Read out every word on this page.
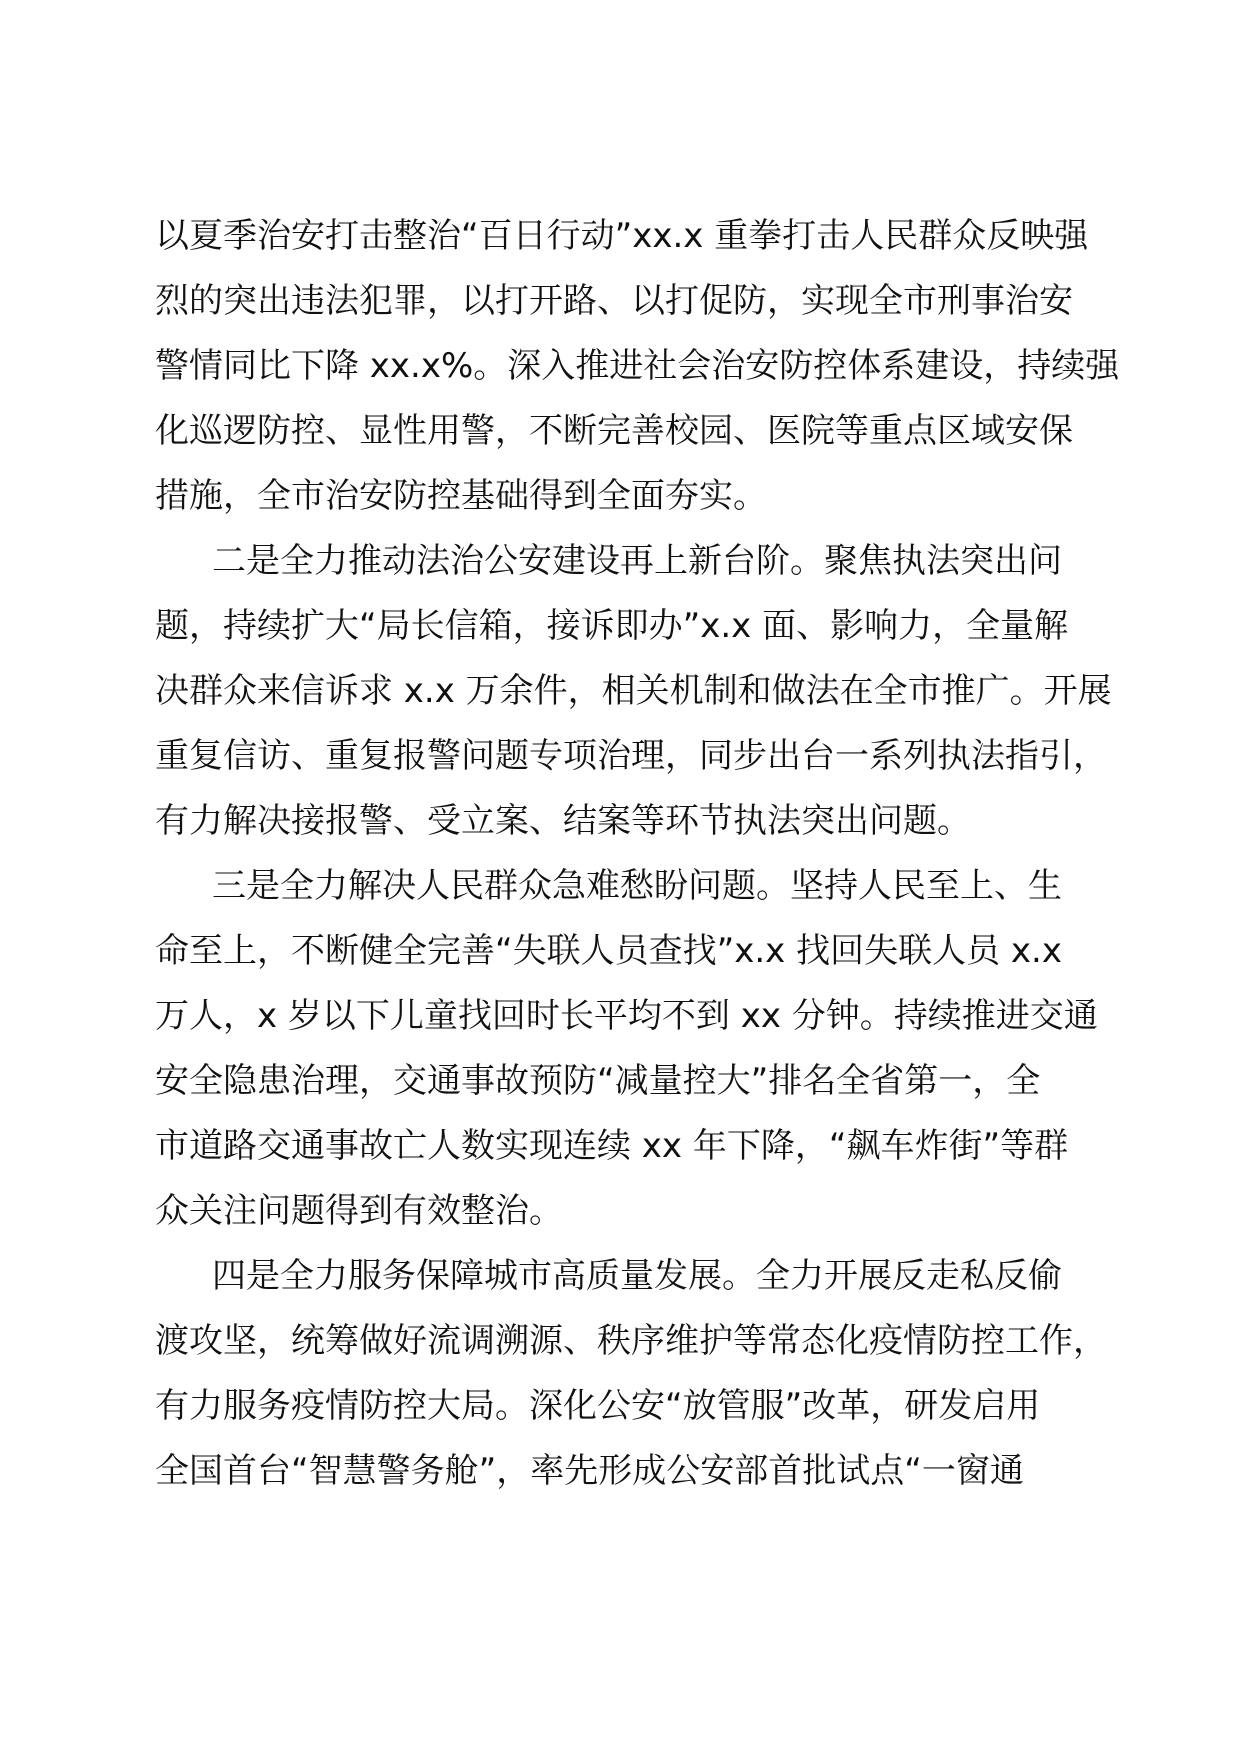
以夏季治安打击整治“百日行动”xx.x 重拳打击人民群众反映强
烈的突出违法犯罪，以打开路、以打促防，实现全市刑事治安
警情同比下降 xx.x%。深入推进社会治安防控体系建设，持续强
化巡逻防控、显性用警，不断完善校园、医院等重点区域安保
措施，全市治安防控基础得到全面夯实。
二是全力推动法治公安建设再上新台阶。聚焦执法突出问
题，持续扩大“局长信箱，接诉即办”x.x 面、影响力，全量解
决群众来信诉求 x.x 万余件，相关机制和做法在全市推广。开展
重复信访、重复报警问题专项治理，同步出台一系列执法指引，
有力解决接报警、受立案、结案等环节执法突出问题。
三是全力解决人民群众急难愁盼问题。坚持人民至上、生
命至上，不断健全完善“失联人员查找”x.x 找回失联人员 x.x
万人，x 岁以下儿童找回时长平均不到 xx 分钟。持续推进交通
安全隐患治理，交通事故预防“减量控大”排名全省第一，全
市道路交通事故亡人数实现连续 xx 年下降，“飙车炸街”等群
众关注问题得到有效整治。
四是全力服务保障城市高质量发展。全力开展反走私反偷
渡攻坚，统筹做好流调溯源、秩序维护等常态化疫情防控工作，
有力服务疫情防控大局。深化公安“放管服”改革，研发启用
全国首台“智慧警务舱”，率先形成公安部首批试点“一窗通
